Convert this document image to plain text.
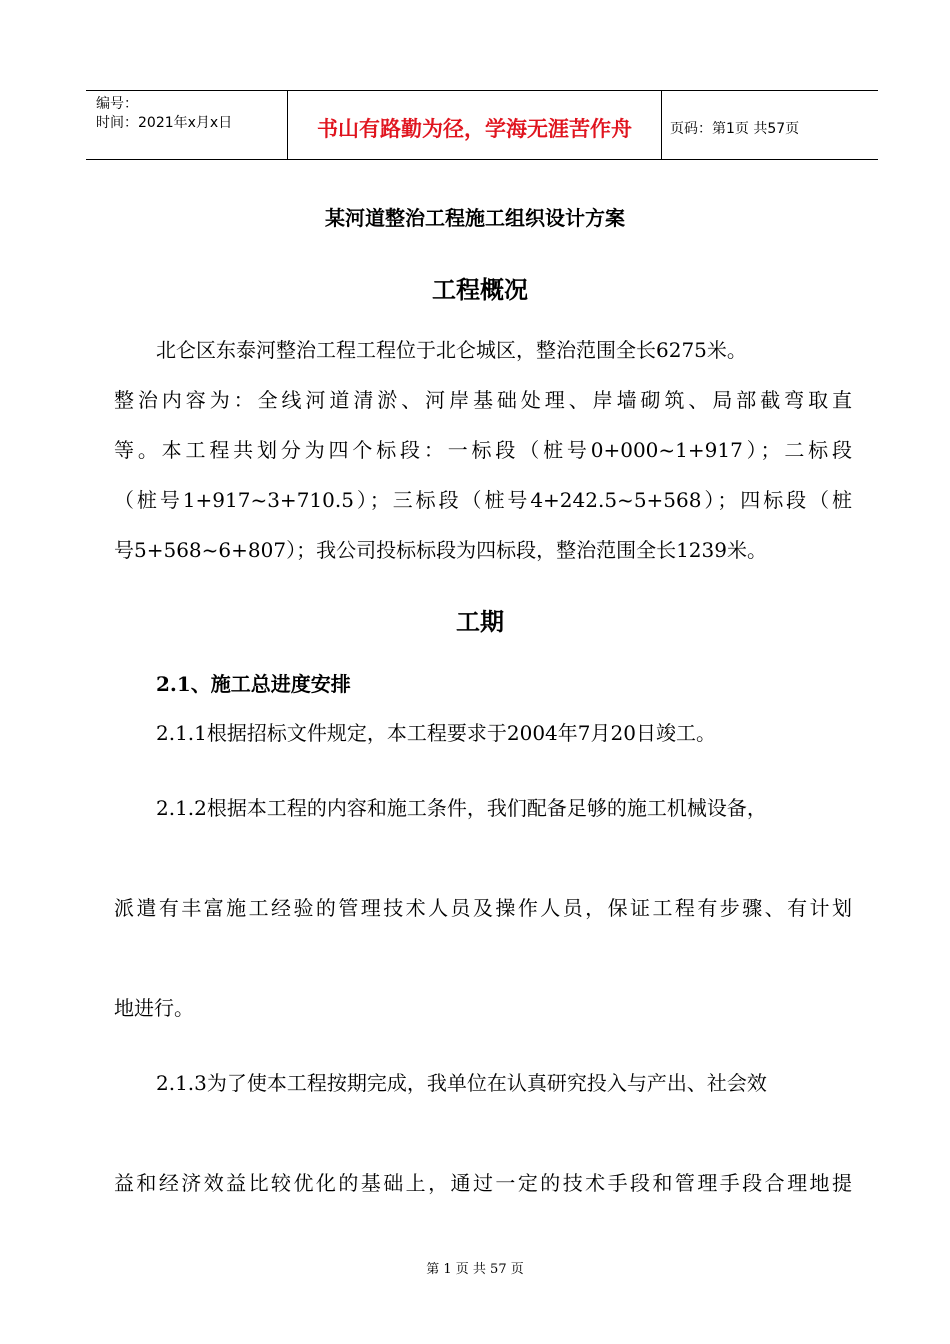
编号：
时间：2021年x月x日	书山有路勤为径，学海无涯苦作舟	页码：第1页 共57页
某河道整治工程施工组织设计方案
工程概况
北仑区东泰河整治工程工程位于北仑城区，整治范围全长6275米。
整治内容为：全线河道清淤、河岸基础处理、岸墙砌筑、局部截弯取直
等。本工程共划分为四个标段：一标段（桩号0+000~1+917）；二标段
（桩号1+917~3+710.5）；三标段（桩号4+242.5~5+568）；四标段（桩
号5+568~6+807）；我公司投标标段为四标段，整治范围全长1239米。
工期
2.1、施工总进度安排
2.1.1根据招标文件规定，本工程要求于2004年7月20日竣工。
2.1.2根据本工程的内容和施工条件，我们配备足够的施工机械设备，
派遣有丰富施工经验的管理技术人员及操作人员，保证工程有步骤、有计划
地进行。
2.1.3为了使本工程按期完成，我单位在认真研究投入与产出、社会效
益和经济效益比较优化的基础上，通过一定的技术手段和管理手段合理地提
第 1 页 共 57 页
